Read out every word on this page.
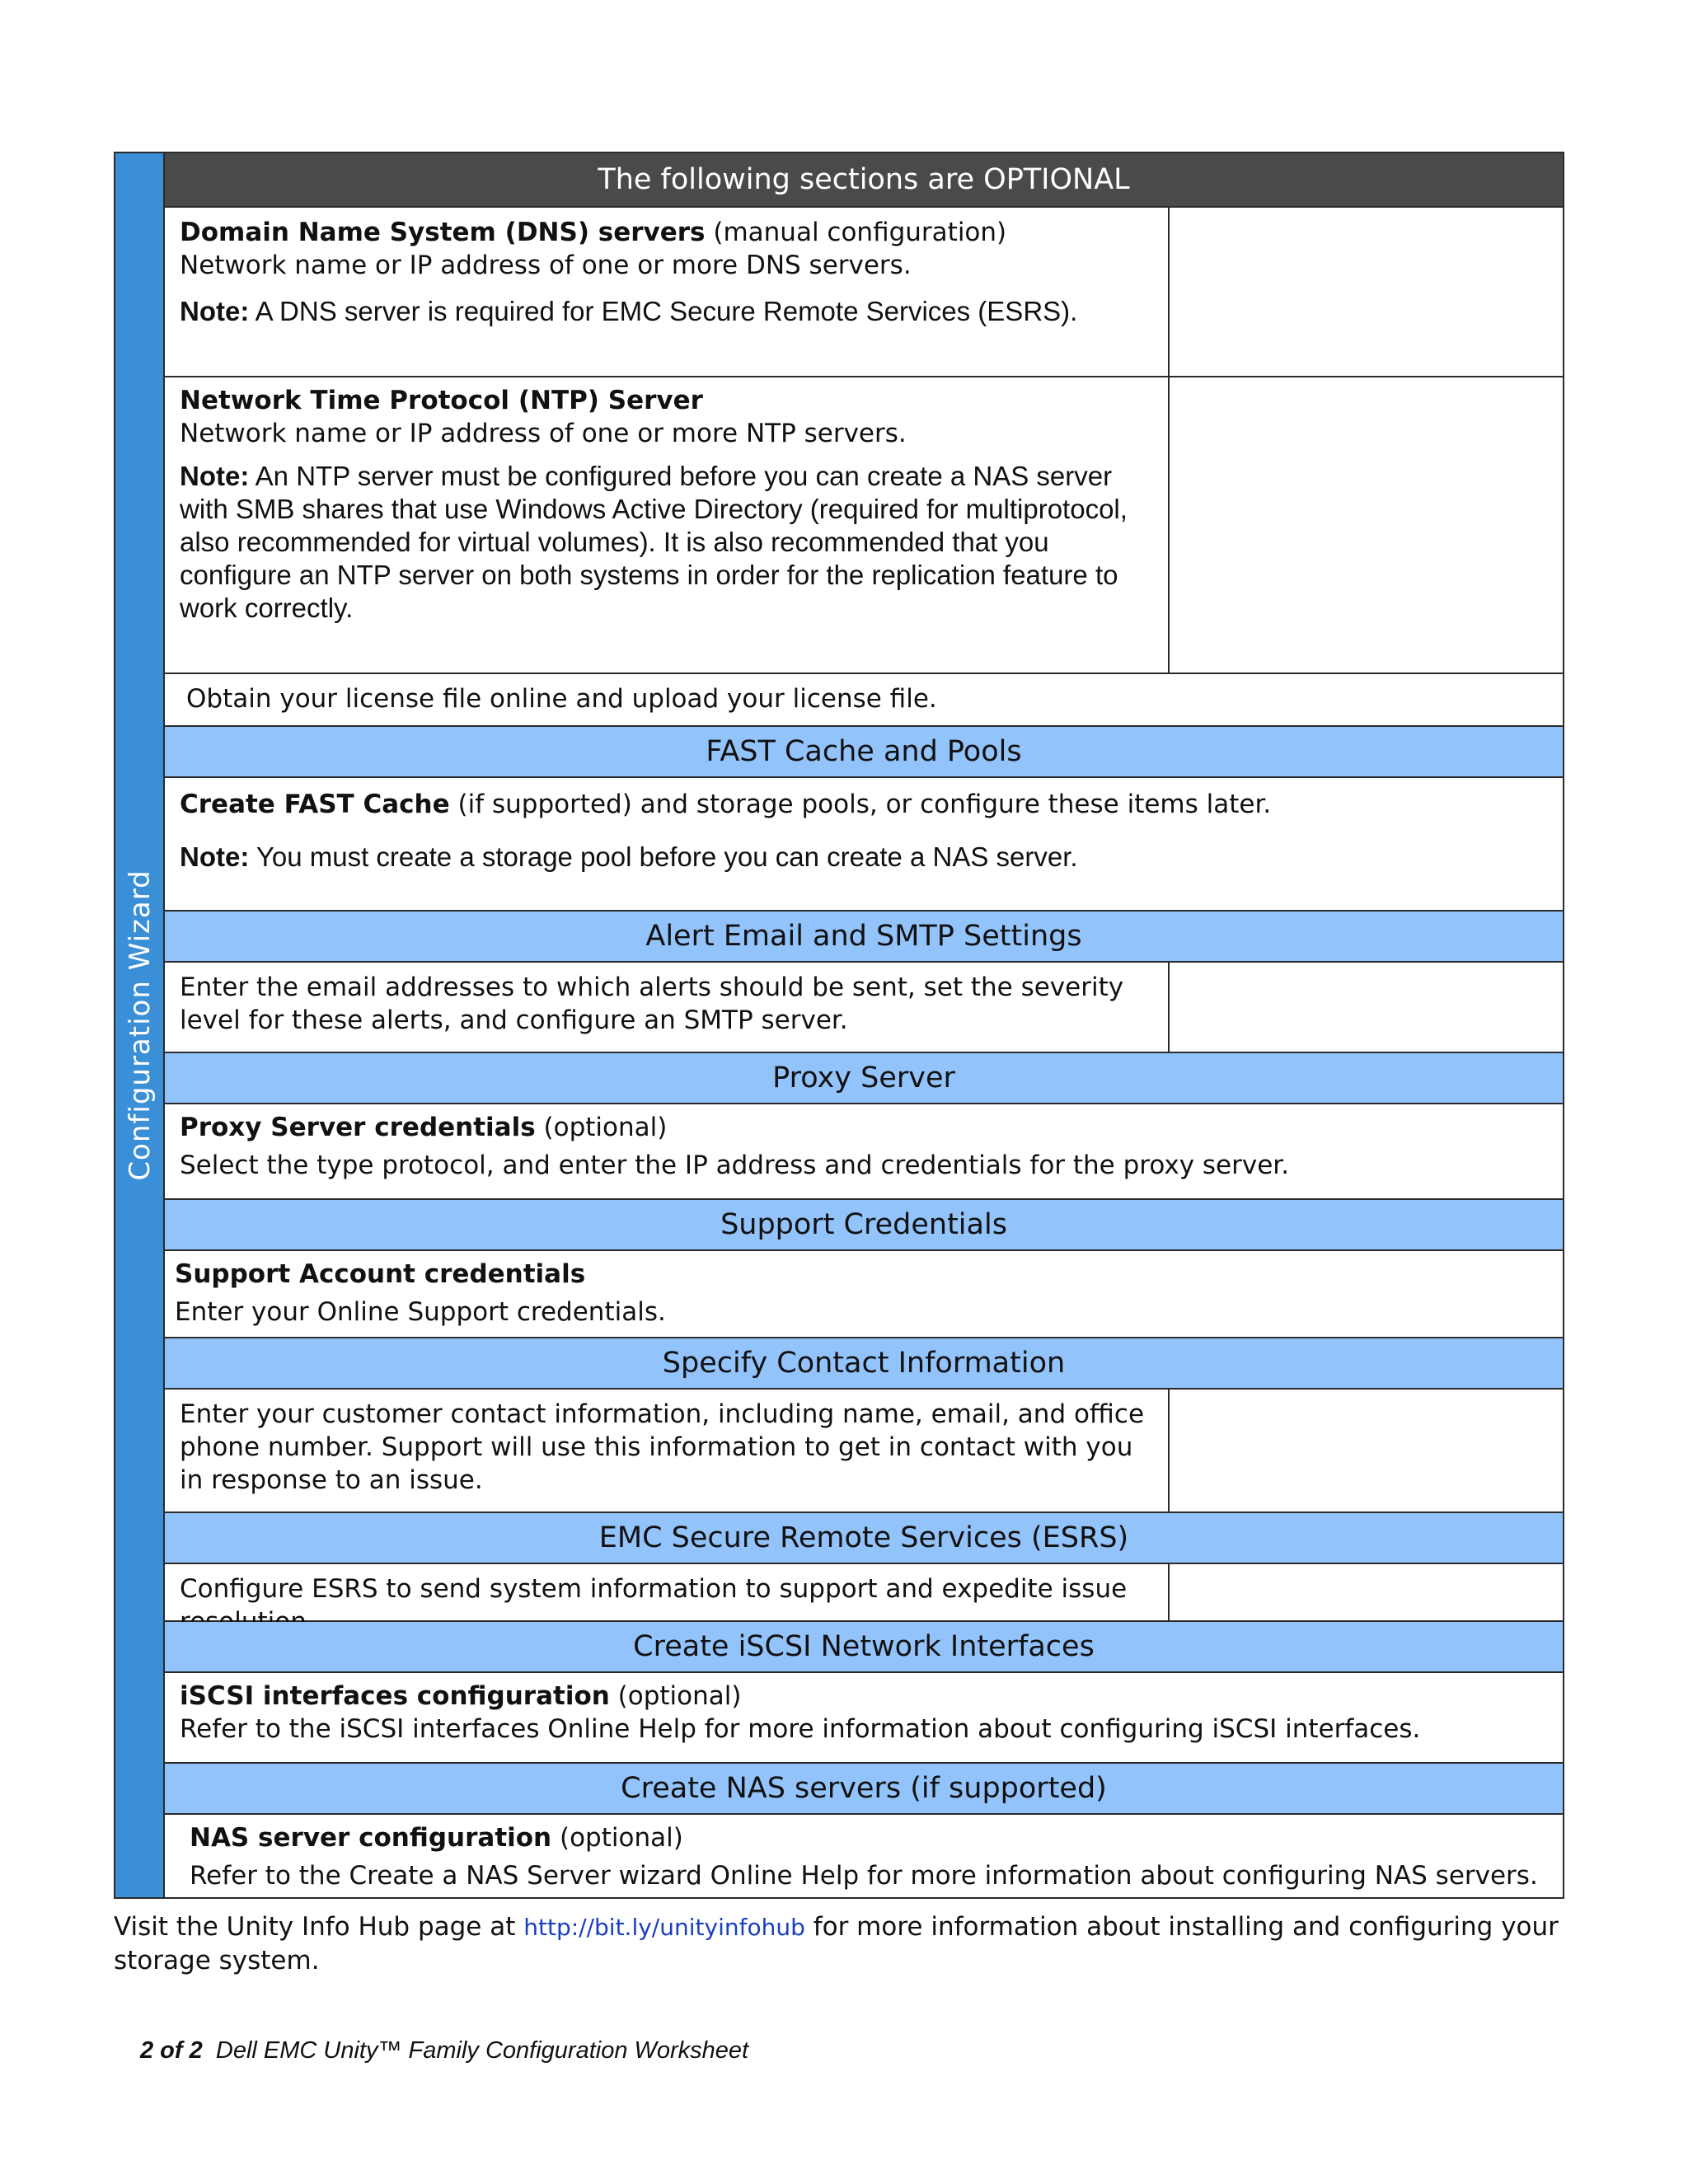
Configuration Wizard
The following sections are OPTIONAL
Domain Name System (DNS) servers (manual configuration)
Network name or IP address of one or more DNS servers.
Note: A DNS server is required for EMC Secure Remote Services (ESRS).
Network Time Protocol (NTP) Server
Network name or IP address of one or more NTP servers.
Note: An NTP server must be configured before you can create a NAS server with SMB shares that use Windows Active Directory (required for multiprotocol, also recommended for virtual volumes). It is also recommended that you configure an NTP server on both systems in order for the replication feature to work correctly.
Obtain your license file online and upload your license file.
FAST Cache and Pools
Create FAST Cache (if supported) and storage pools, or configure these items later.
Note: You must create a storage pool before you can create a NAS server.
Alert Email and SMTP Settings
Enter the email addresses to which alerts should be sent, set the severity level for these alerts, and configure an SMTP server.
Proxy Server
Proxy Server credentials (optional)
Select the type protocol, and enter the IP address and credentials for the proxy server.
Support Credentials
Support Account credentials
Enter your Online Support credentials.
Specify Contact Information
Enter your customer contact information, including name, email, and office phone number. Support will use this information to get in contact with you in response to an issue.
EMC Secure Remote Services (ESRS)
Configure ESRS to send system information to support and expedite issue
Create iSCSI Network Interfaces
iSCSI interfaces configuration (optional)
Refer to the iSCSI interfaces Online Help for more information about configuring iSCSI interfaces.
Create NAS servers (if supported)
NAS server configuration (optional)
Refer to the Create a NAS Server wizard Online Help for more information about configuring NAS servers.
Visit the Unity Info Hub page at http://bit.ly/unityinfohub for more information about installing and configuring your storage system.
2 of 2 Dell EMC Unity™ Family Configuration Worksheet
